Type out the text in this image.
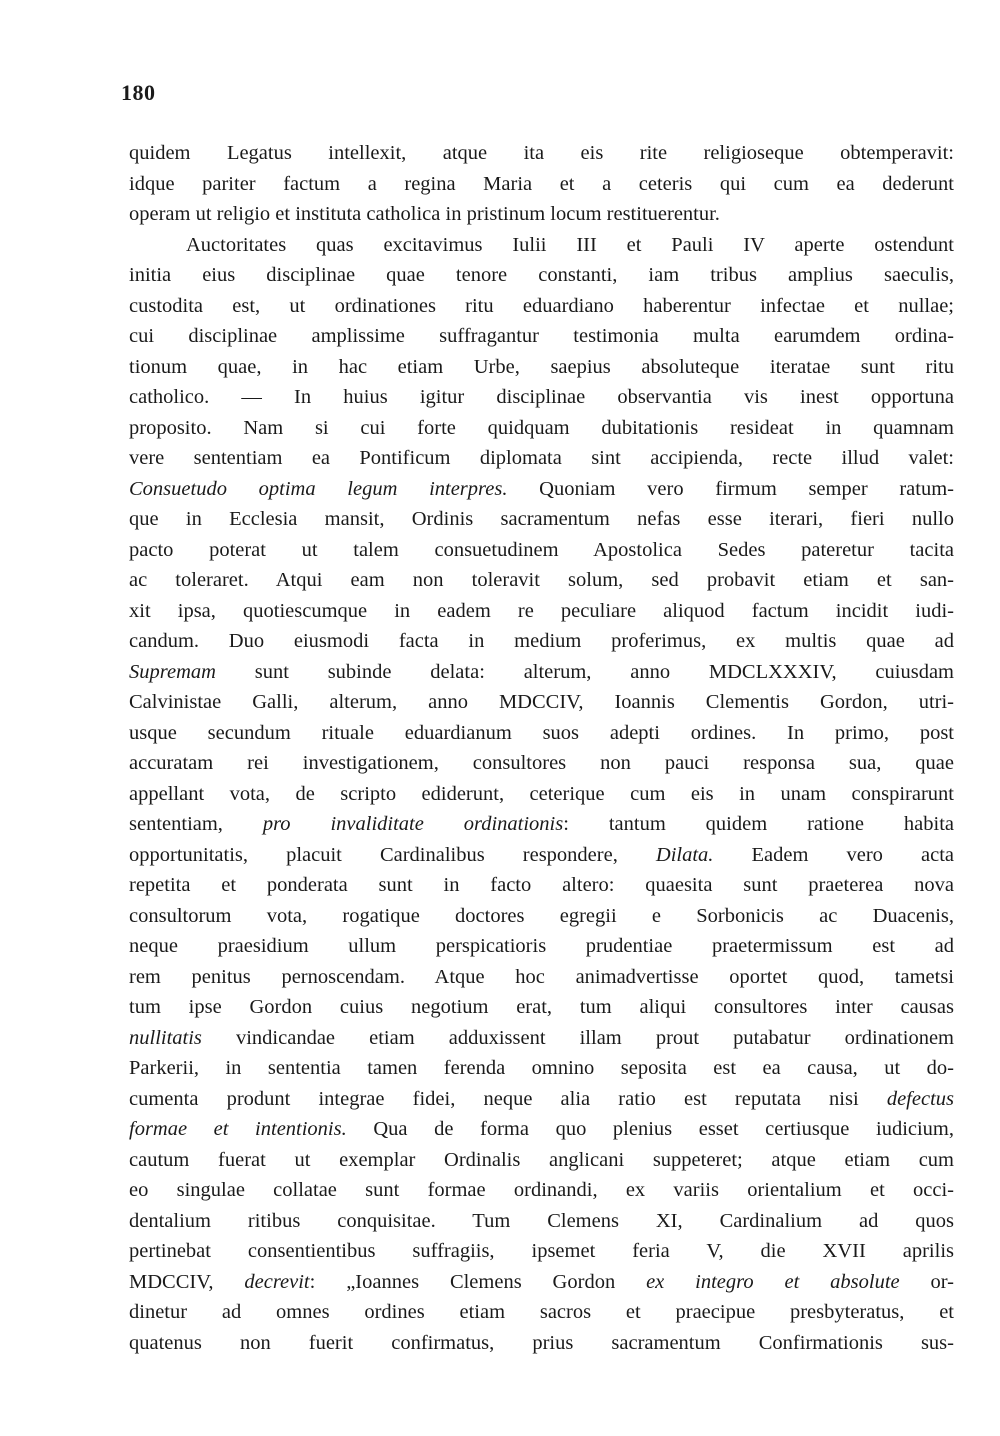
180
quidem Legatus intellexit, atque ita eis rite religioseque obtemperavit:
idque pariter factum a regina Maria et a ceteris qui cum ea dederunt
operam ut religio et instituta catholica in pristinum locum restituerentur.
Auctoritates quas excitavimus Iulii III et Pauli IV aperte ostendunt
initia eius disciplinae quae tenore constanti, iam tribus amplius saeculis,
custodita est, ut ordinationes ritu eduardiano haberentur infectae et nullae;
cui disciplinae amplissime suffragantur testimonia multa earumdem ordina-
tionum quae, in hac etiam Urbe, saepius absoluteque iteratae sunt ritu
catholico. — In huius igitur disciplinae observantia vis inest opportuna
proposito. Nam si cui forte quidquam dubitationis resideat in quamnam
vere sententiam ea Pontificum diplomata sint accipienda, recte illud valet:
Consuetudo optima legum interpres. Quoniam vero firmum semper ratum-
que in Ecclesia mansit, Ordinis sacramentum nefas esse iterari, fieri nullo
pacto poterat ut talem consuetudinem Apostolica Sedes pateretur tacita
ac toleraret. Atqui eam non toleravit solum, sed probavit etiam et san-
xit ipsa, quotiescumque in eadem re peculiare aliquod factum incidit iudi-
candum. Duo eiusmodi facta in medium proferimus, ex multis quae ad
Supremam sunt subinde delata: alterum, anno MDCLXXXIV, cuiusdam
Calvinistae Galli, alterum, anno MDCCIV, Ioannis Clementis Gordon, utri-
usque secundum rituale eduardianum suos adepti ordines. In primo, post
accuratam rei investigationem, consultores non pauci responsa sua, quae
appellant vota, de scripto ediderunt, ceterique cum eis in unam conspirarunt
sententiam, pro invaliditate ordinationis: tantum quidem ratione habita
opportunitatis, placuit Cardinalibus respondere, Dilata. Eadem vero acta
repetita et ponderata sunt in facto altero: quaesita sunt praeterea nova
consultorum vota, rogatique doctores egregii e Sorbonicis ac Duacenis,
neque praesidium ullum perspicatioris prudentiae praetermissum est ad
rem penitus pernoscendam. Atque hoc animadvertisse oportet quod, tametsi
tum ipse Gordon cuius negotium erat, tum aliqui consultores inter causas
nullitatis vindicandae etiam adduxissent illam prout putabatur ordinationem
Parkerii, in sententia tamen ferenda omnino seposita est ea causa, ut do-
cumenta produnt integrae fidei, neque alia ratio est reputata nisi defectus
formae et intentionis. Qua de forma quo plenius esset certiusque iudicium,
cautum fuerat ut exemplar Ordinalis anglicani suppeteret; atque etiam cum
eo singulae collatae sunt formae ordinandi, ex variis orientalium et occi-
dentalium ritibus conquisitae. Tum Clemens XI, Cardinalium ad quos
pertinebat consentientibus suffragiis, ipsemet feria V, die XVII aprilis
MDCCIV, decrevit: „Ioannes Clemens Gordon ex integro et absolute or-
dinetur ad omnes ordines etiam sacros et praecipue presbyteratus, et
quatenus non fuerit confirmatus, prius sacramentum Confirmationis sus-
